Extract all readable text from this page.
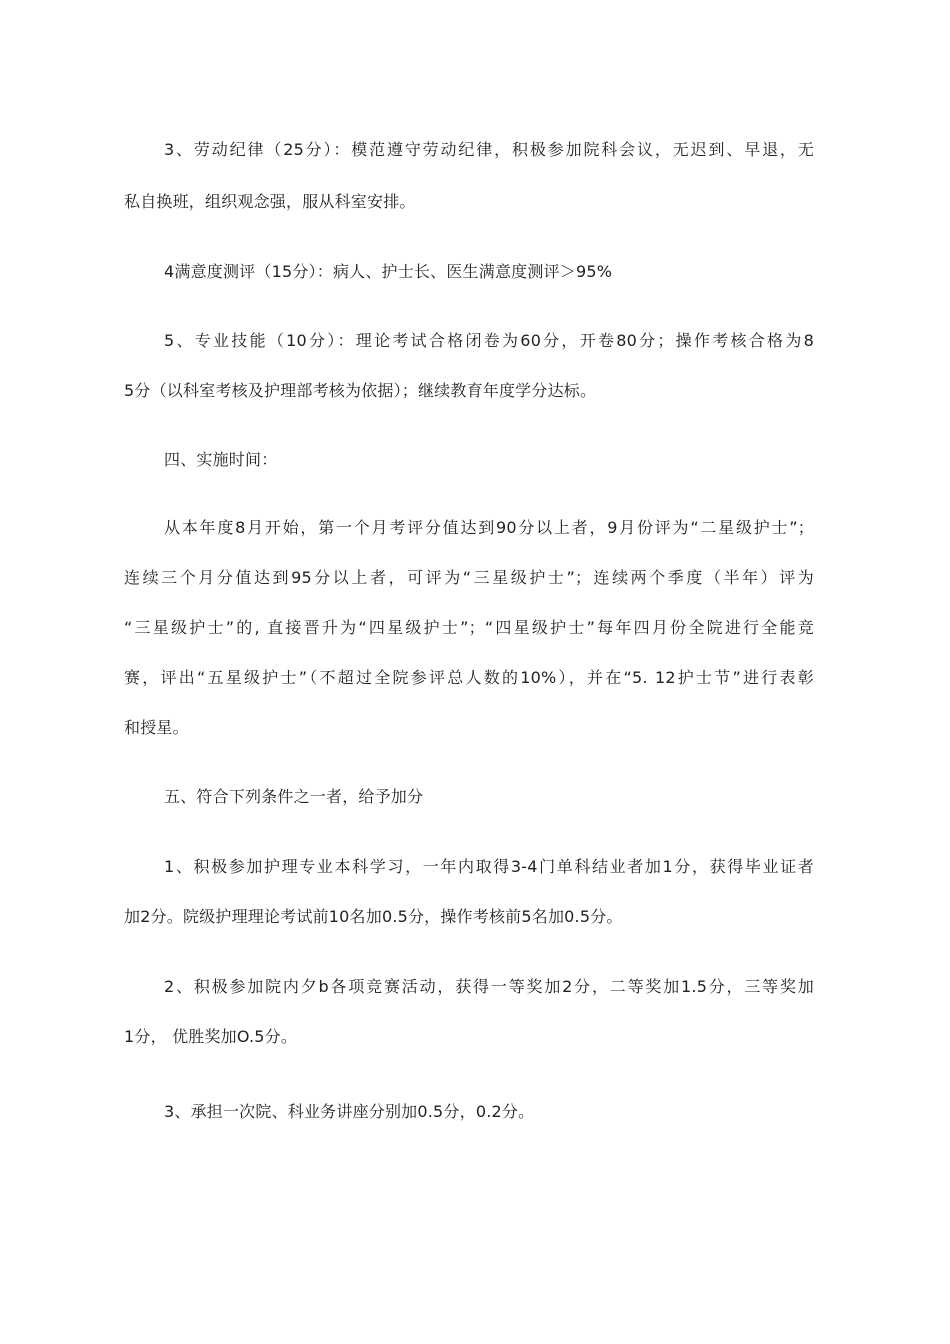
3、劳动纪律（25分）：模范遵守劳动纪律，积极参加院科会议，无迟到、早退，无
私自换班，组织观念强，服从科室安排。
4满意度测评（15分）：病人、护士长、医生满意度测评＞95%
5、专业技能（10分）：理论考试合格闭卷为60分，开卷80分；操作考核合格为8
5分（以科室考核及护理部考核为依据）；继续教育年度学分达标。
四、实施时间：
从本年度8月开始，第一个月考评分值达到90分以上者，9月份评为“二星级护士”；
连续三个月分值达到95分以上者，可评为“三星级护士”；连续两个季度（半年）评为
“三星级护士”的, 直接晋升为“四星级护士”；“四星级护士”每年四月份全院进行全能竞
赛，评出“五星级护士”（不超过全院参评总人数的10%），并在“5. 12护士节”进行表彰
和授星。
五、符合下列条件之一者，给予加分
1、积极参加护理专业本科学习，一年内取得3-4门单科结业者加1分，获得毕业证者
加2分。院级护理理论考试前10名加0.5分，操作考核前5名加0.5分。
2、积极参加院内夕b各项竞赛活动，获得一等奖加2分，二等奖加1.5分，三等奖加
1分， 优胜奖加O.5分。
3、承担一次院、科业务讲座分别加0.5分，0.2分。
